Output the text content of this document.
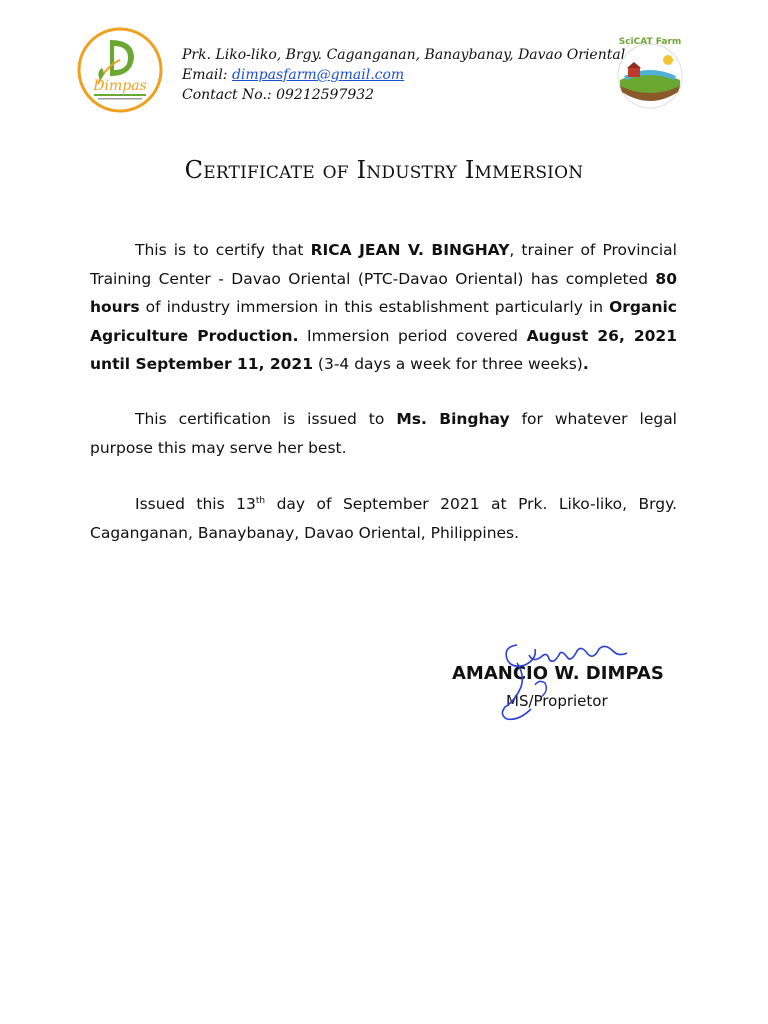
Dimpas
Prk. Liko-liko, Brgy. Caganganan, Banaybanay, Davao Oriental
Email: dimpasfarm@gmail.com
Contact No.: 09212597932
SciCAT Farm
Certificate of Industry Immersion
This is to certify that RICA JEAN V. BINGHAY, trainer of Provincial Training Center - Davao Oriental (PTC-Davao Oriental) has completed 80 hours of industry immersion in this establishment particularly in Organic Agriculture Production. Immersion period covered August 26, 2021 until September 11, 2021 (3-4 days a week for three weeks).
This certification is issued to Ms. Binghay for whatever legal purpose this may serve her best.
Issued this 13th day of September 2021 at Prk. Liko-liko, Brgy. Caganganan, Banaybanay, Davao Oriental, Philippines.
AMANCIO W. DIMPAS
MS/Proprietor
